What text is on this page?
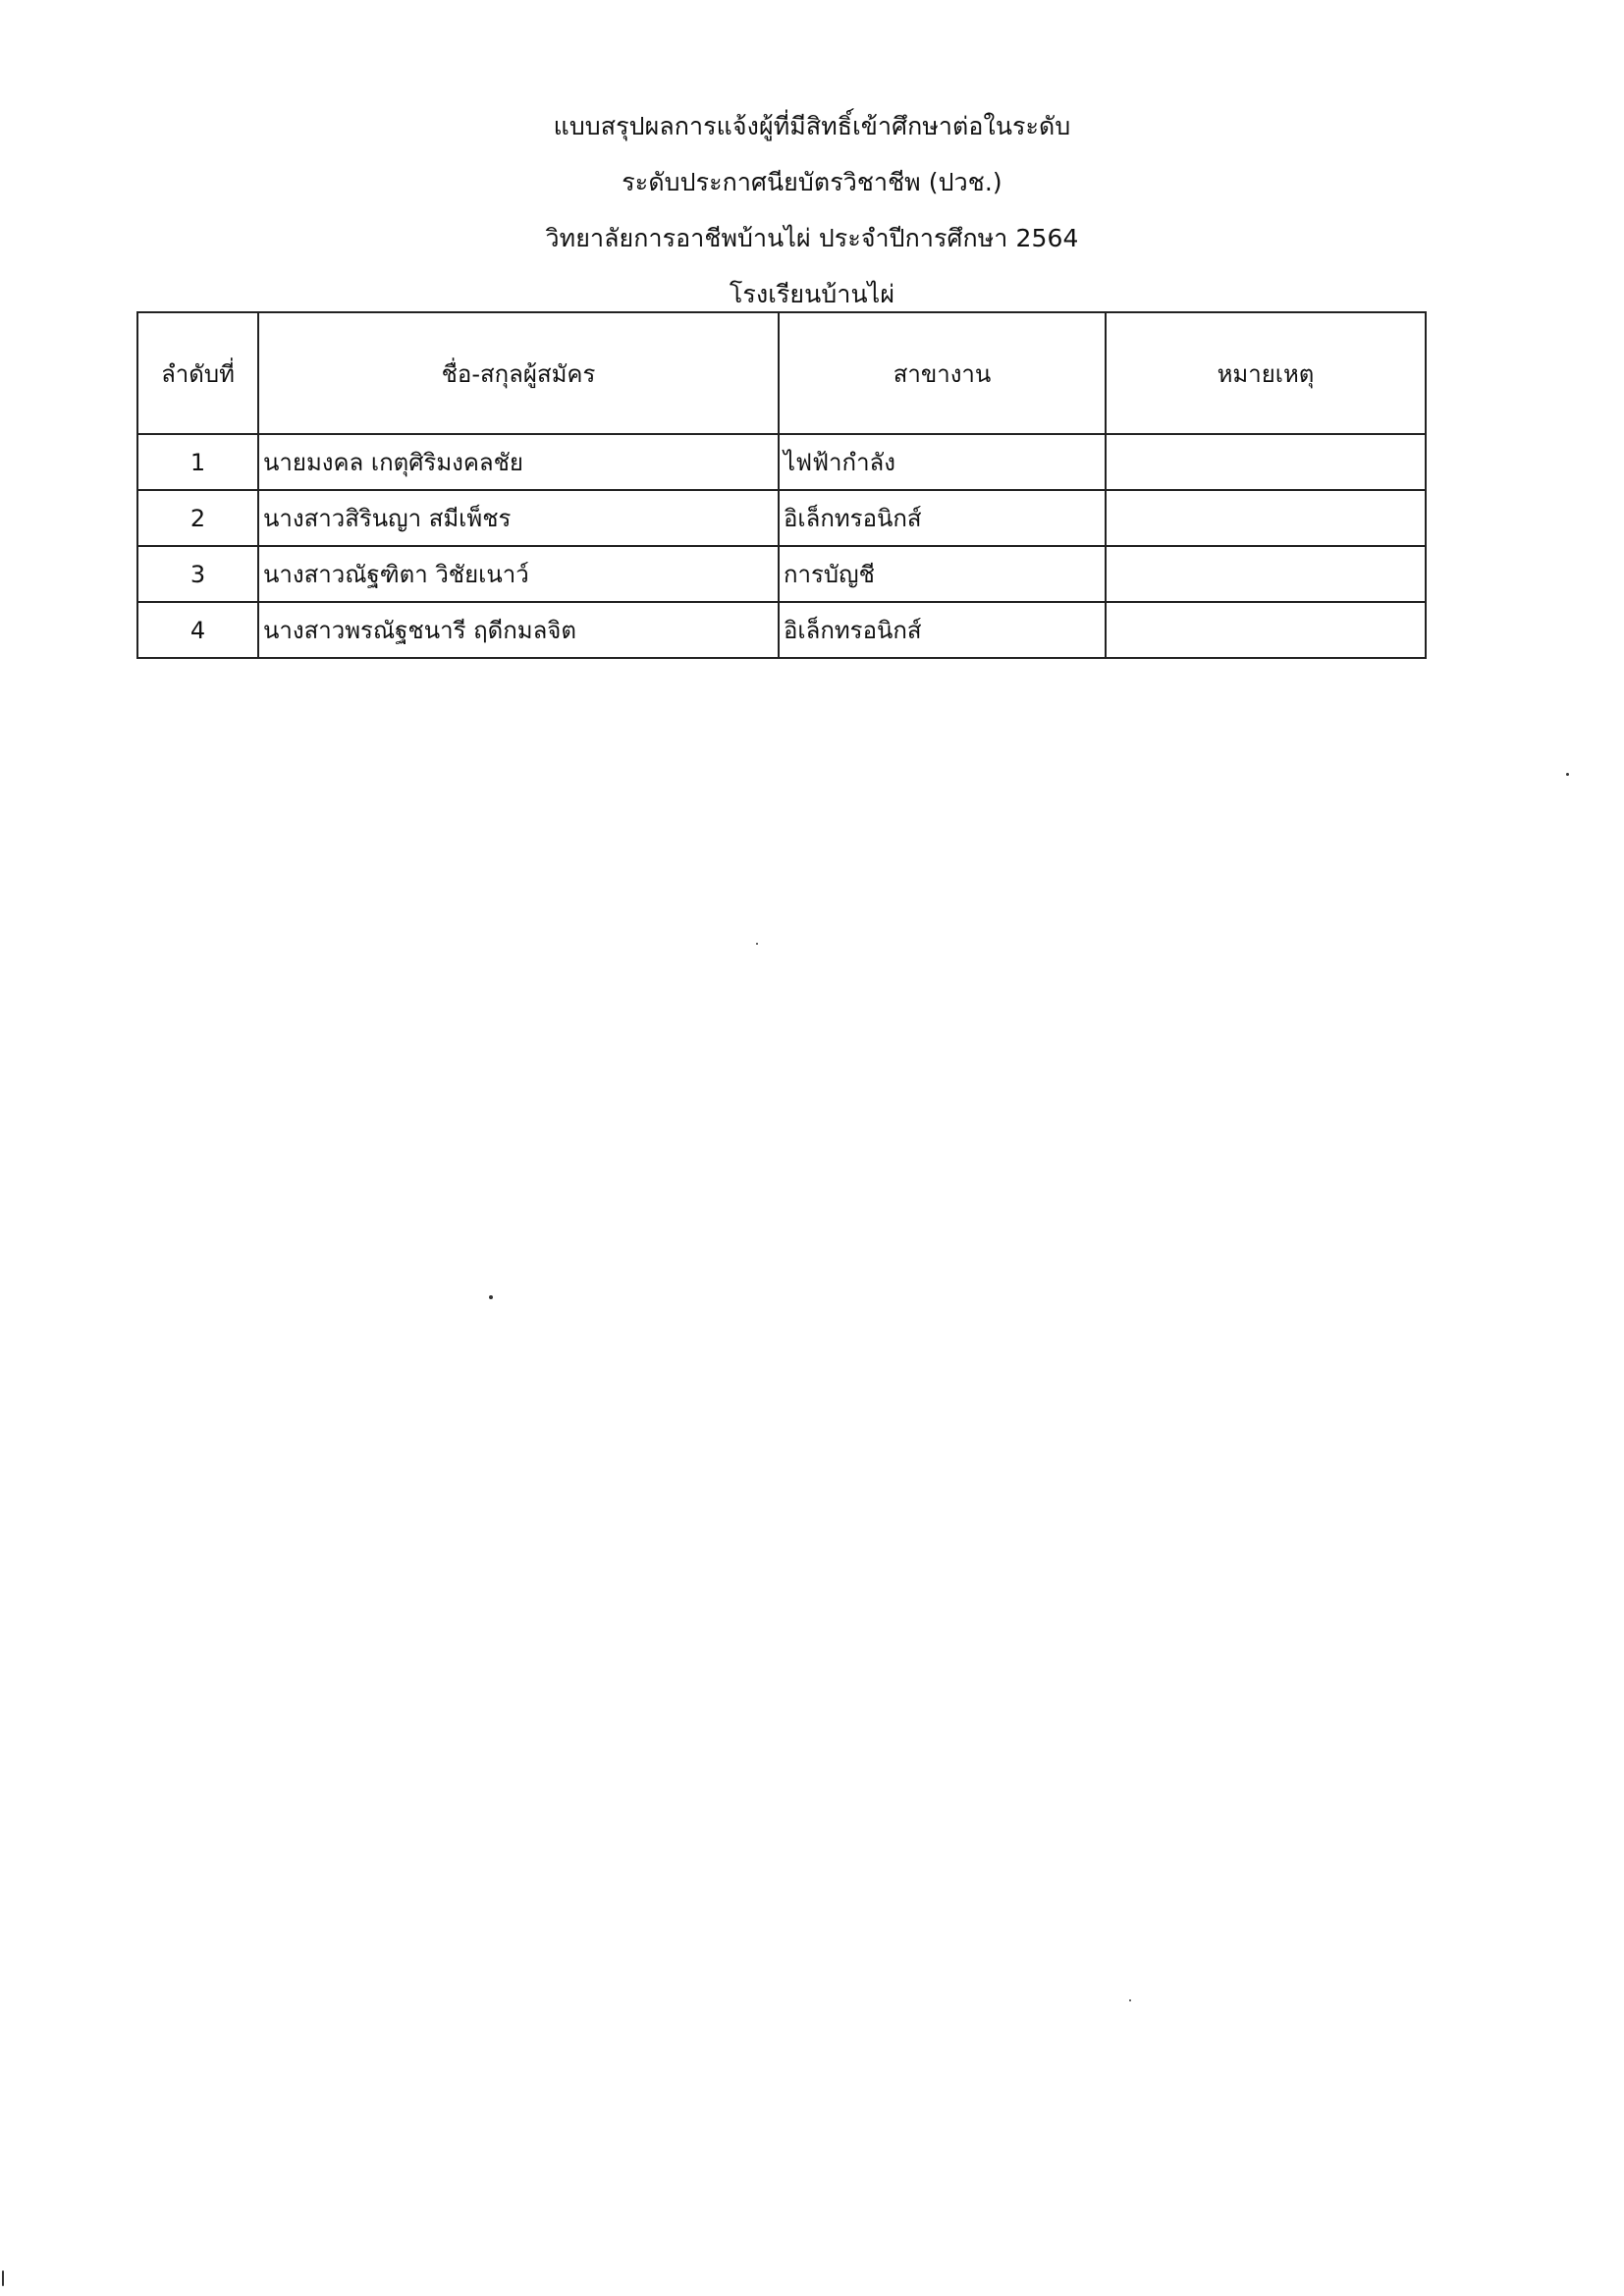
แบบสรุปผลการแจ้งผู้ที่มีสิทธิ์เข้าศึกษาต่อในระดับ
ระดับประกาศนียบัตรวิชาชีพ (ปวช.)
วิทยาลัยการอาชีพบ้านไผ่ ประจำปีการศึกษา 2564
โรงเรียนบ้านไผ่
ลำดับที่	ชื่อ-สกุลผู้สมัคร	สาขางาน	หมายเหตุ
1	นายมงคล เกตุศิริมงคลชัย	ไฟฟ้ากำลัง	
2	นางสาวสิรินญา สมีเพ็ชร	อิเล็กทรอนิกส์	
3	นางสาวณัฐฑิตา วิชัยเนาว์	การบัญชี	
4	นางสาวพรณัฐชนารี ฤดีกมลจิต	อิเล็กทรอนิกส์	
